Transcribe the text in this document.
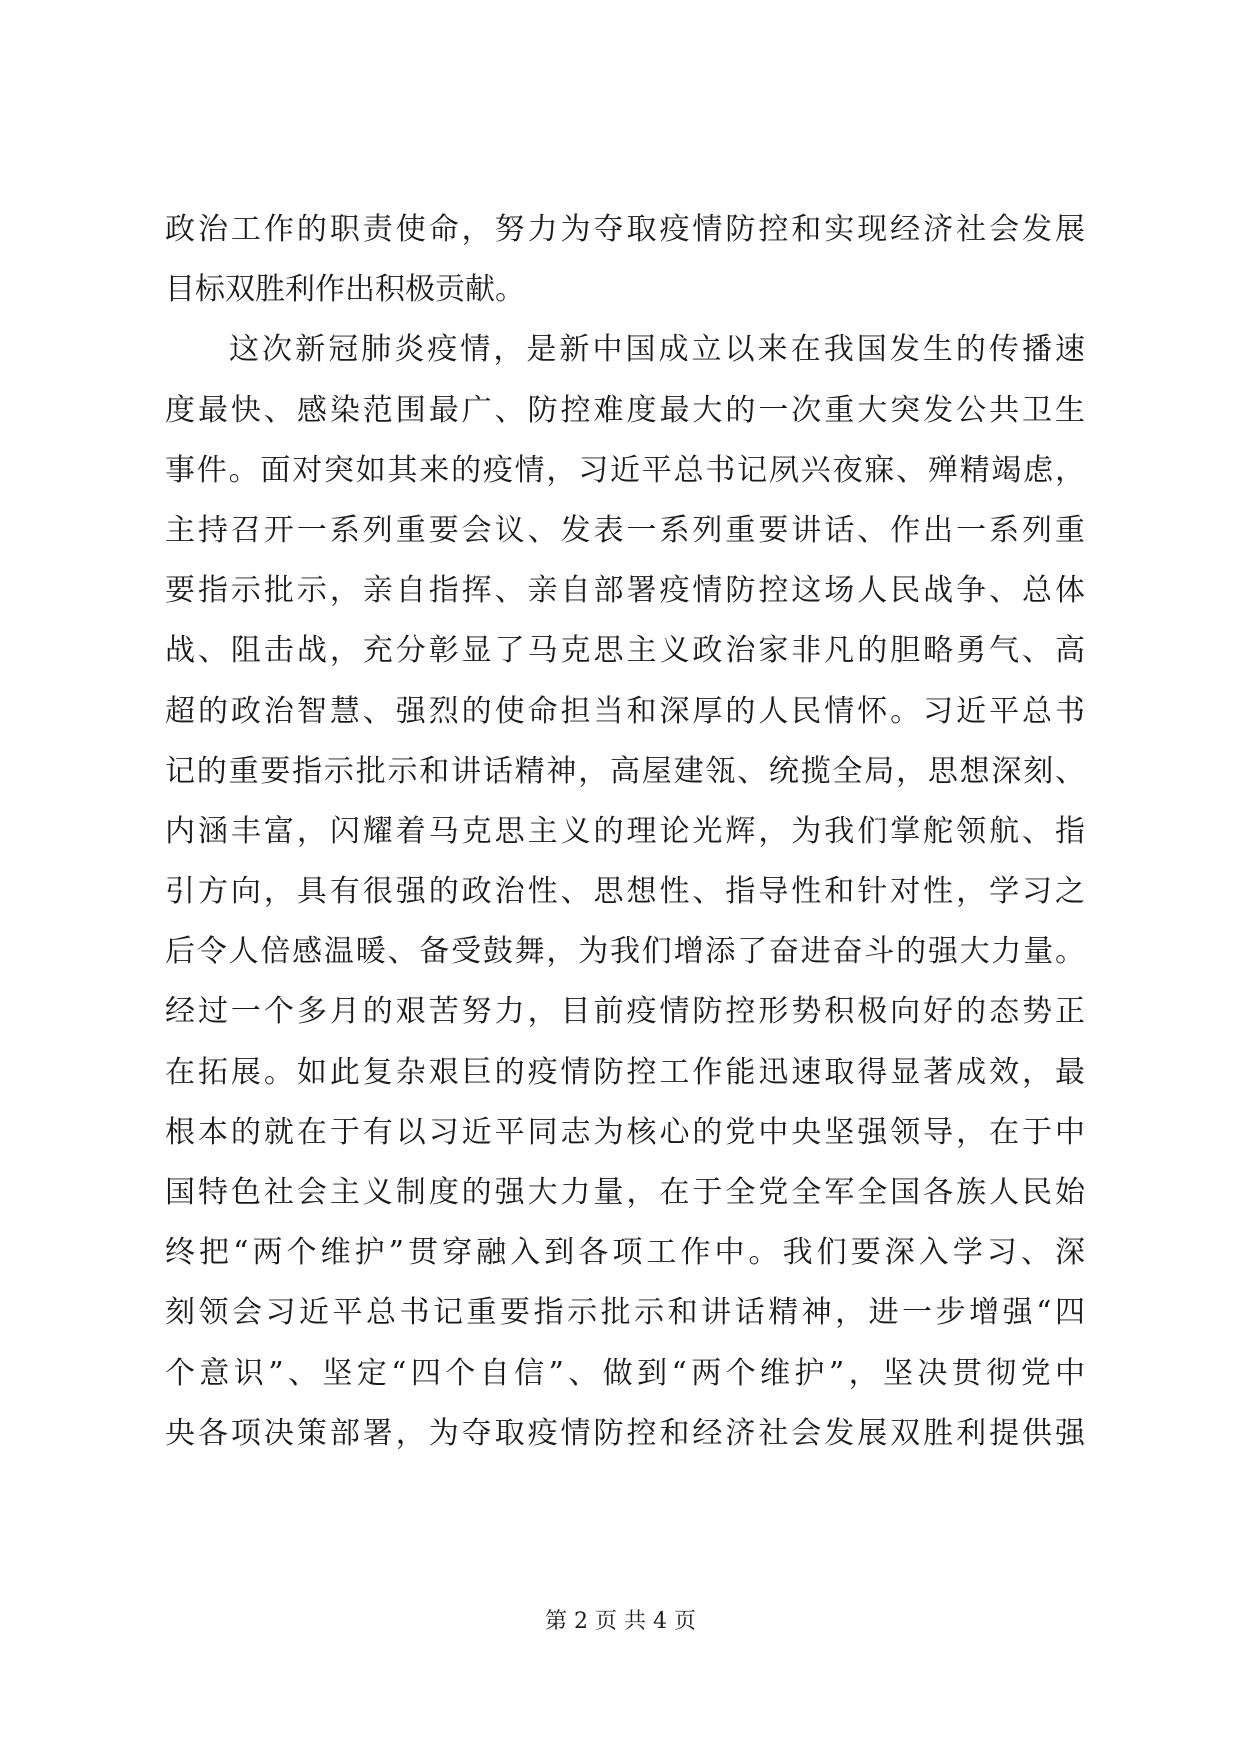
政治工作的职责使命，努力为夺取疫情防控和实现经济社会发展
目标双胜利作出积极贡献。
这次新冠肺炎疫情，是新中国成立以来在我国发生的传播速
度最快、感染范围最广、防控难度最大的一次重大突发公共卫生
事件。面对突如其来的疫情，习近平总书记夙兴夜寐、殚精竭虑，
主持召开一系列重要会议、发表一系列重要讲话、作出一系列重
要指示批示，亲自指挥、亲自部署疫情防控这场人民战争、总体
战、阻击战，充分彰显了马克思主义政治家非凡的胆略勇气、高
超的政治智慧、强烈的使命担当和深厚的人民情怀。习近平总书
记的重要指示批示和讲话精神，高屋建瓴、统揽全局，思想深刻、
内涵丰富，闪耀着马克思主义的理论光辉，为我们掌舵领航、指
引方向，具有很强的政治性、思想性、指导性和针对性，学习之
后令人倍感温暖、备受鼓舞，为我们增添了奋进奋斗的强大力量。
经过一个多月的艰苦努力，目前疫情防控形势积极向好的态势正
在拓展。如此复杂艰巨的疫情防控工作能迅速取得显著成效，最
根本的就在于有以习近平同志为核心的党中央坚强领导，在于中
国特色社会主义制度的强大力量，在于全党全军全国各族人民始
终把“两个维护”贯穿融入到各项工作中。我们要深入学习、深
刻领会习近平总书记重要指示批示和讲话精神，进一步增强“四
个意识”、坚定“四个自信”、做到“两个维护”，坚决贯彻党中
央各项决策部署，为夺取疫情防控和经济社会发展双胜利提供强
第 2 页 共 4 页
